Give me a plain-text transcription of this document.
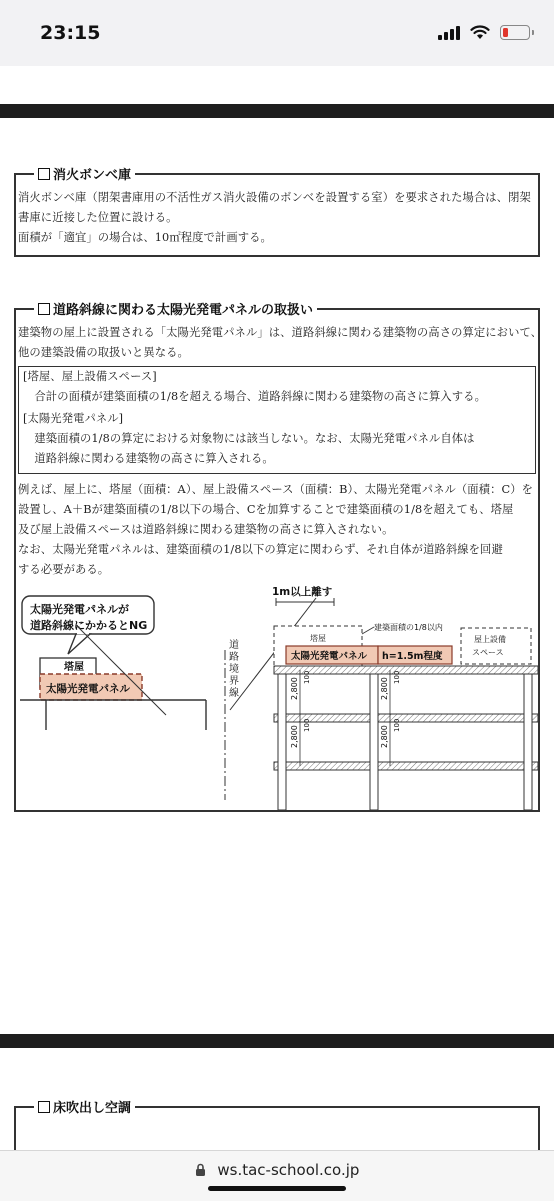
23:15
消火ボンベ庫
消火ボンベ庫（閉架書庫用の不活性ガス消火設備のボンベを設置する室）を要求された場合は、閉架
書庫に近接した位置に設ける。
面積が「適宜」の場合は、10㎡程度で計画する。
道路斜線に関わる太陽光発電パネルの取扱い
建築物の屋上に設置される「太陽光発電パネル」は、道路斜線に関わる建築物の高さの算定において、
他の建築設備の取扱いと異なる。
[塔屋、屋上設備スペース]
　合計の面積が建築面積の1/8を超える場合、道路斜線に関わる建築物の高さに算入する。
[太陽光発電パネル]
　建築面積の1/8の算定における対象物には該当しない。なお、太陽光発電パネル自体は
　道路斜線に関わる建築物の高さに算入される。
例えば、屋上に、塔屋（面積：A）、屋上設備スペース（面積：B）、太陽光発電パネル（面積：C）を
設置し、A＋Bが建築面積の1/8以下の場合、Cを加算することで建築面積の1/8を超えても、塔屋
及び屋上設備スペースは道路斜線に関わる建築物の高さに算入されない。
なお、太陽光発電パネルは、建築面積の1/8以下の算定に関わらず、それ自体が道路斜線を回避
する必要がある。
太陽光発電パネルが
道路斜線にかかるとNG
塔屋
太陽光発電パネル
道路境界線
1m以上離す
塔屋
建築面積の1/8以内
屋上設備
スペース
太陽光発電パネル h=1.5m程度
2,800 100
2,800 100
2,800 100
2,800 100
床吹出し空調
ws.tac-school.co.jp
